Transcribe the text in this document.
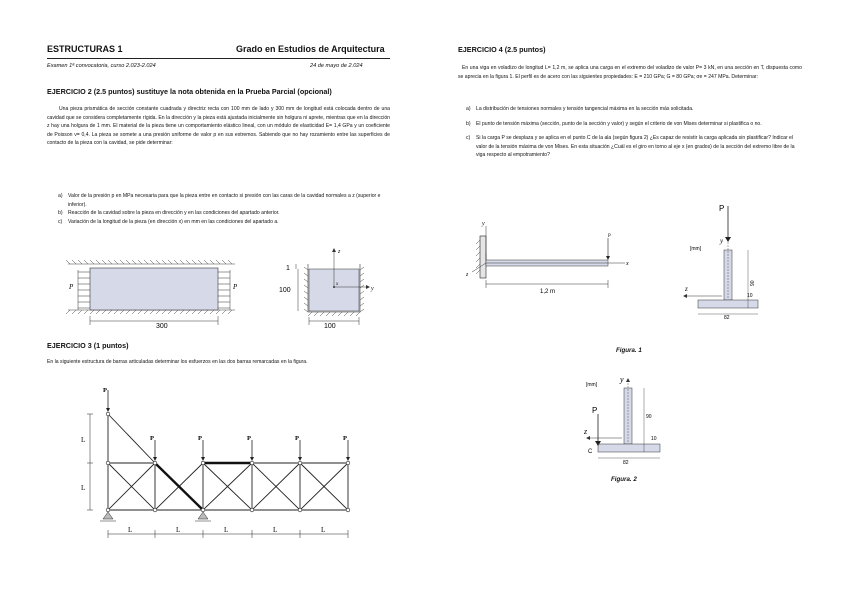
ESTRUCTURAS 1	Grado en Estudios de Arquitectura
Examen 1ª convocatoria, curso 2.023-2.024	24 de mayo de 2.024
EJERCICIO 2 (2.5 puntos) sustituye la nota obtenida en la Prueba Parcial (opcional)
Una pieza prismática de sección constante cuadrada y directriz recta con 100 mm de lado y 300 mm de longitud está colocada dentro de una cavidad que se considera completamente rígida. En la dirección y la pieza está ajustada inicialmente sin holgura ni aprete, mientras que en la dirección z hay una holgura de 1 mm. El material de la pieza tiene un comportamiento elástico lineal, con un módulo de elasticidad E= 1,4 GPa y un coeficiente de Poisson ν= 0,4. La pieza se somete a una presión uniforme de valor p en sus extremos. Sabiendo que no hay rozamiento entre las superficies de contacto de la pieza con la cavidad, se pide determinar:
a)	Valor de la presión p en MPa necesaria para que la pieza entre en contacto si presión con las caras de la cavidad normales a z (superior e inferior).
b)	Reacción de la cavidad sobre la pieza en dirección y en las condiciones del apartado anterior.
c)	Variación de la longitud de la pieza (en dirección x) en mm en las condiciones del apartado a.
P	P
300
z
y
x
1
100
100
EJERCICIO 3 (1 puntos)
En la siguiente estructura de barras articuladas determinar los esfuerzos en las dos barras remarcadas en la figura.
P
P	P	P	P	P
L
L
L	L	L	L	L
EJERCICIO 4 (2.5 puntos)
En una viga en voladizo de longitud L= 1,2 m, se aplica una carga en el extremo del voladizo de valor P= 3 kN, en una sección en T, dispuesta como se aprecia en la figura 1. El perfil es de acero con las siguientes propiedades: E = 210 GPa; G = 80 GPa; σe = 247 MPa. Determinar:
a)	La distribución de tensiones normales y tensión tangencial máxima en la sección más solicitada.
b)	El punto de tensión máxima (sección, punto de la sección y valor) y según el criterio de von Mises determinar si plastifica o no.
c)	Si la carga P se desplaza y se aplica en el punto C de la ala (según figura 2) ¿Es capaz de resistir la carga aplicada sin plastificar? Indicar el valor de la tensión máxima de von Mises. En esta situación ¿Cuál es el giro en torno al eje x (en grados) de la sección del extremo libre de la viga respecto al empotramiento?
y
z
x
P
1,2 m
[mm]
P
y
z
90
10
82
Figura. 1
[mm]
y
z
P
C
90
10
82
Figura. 2
